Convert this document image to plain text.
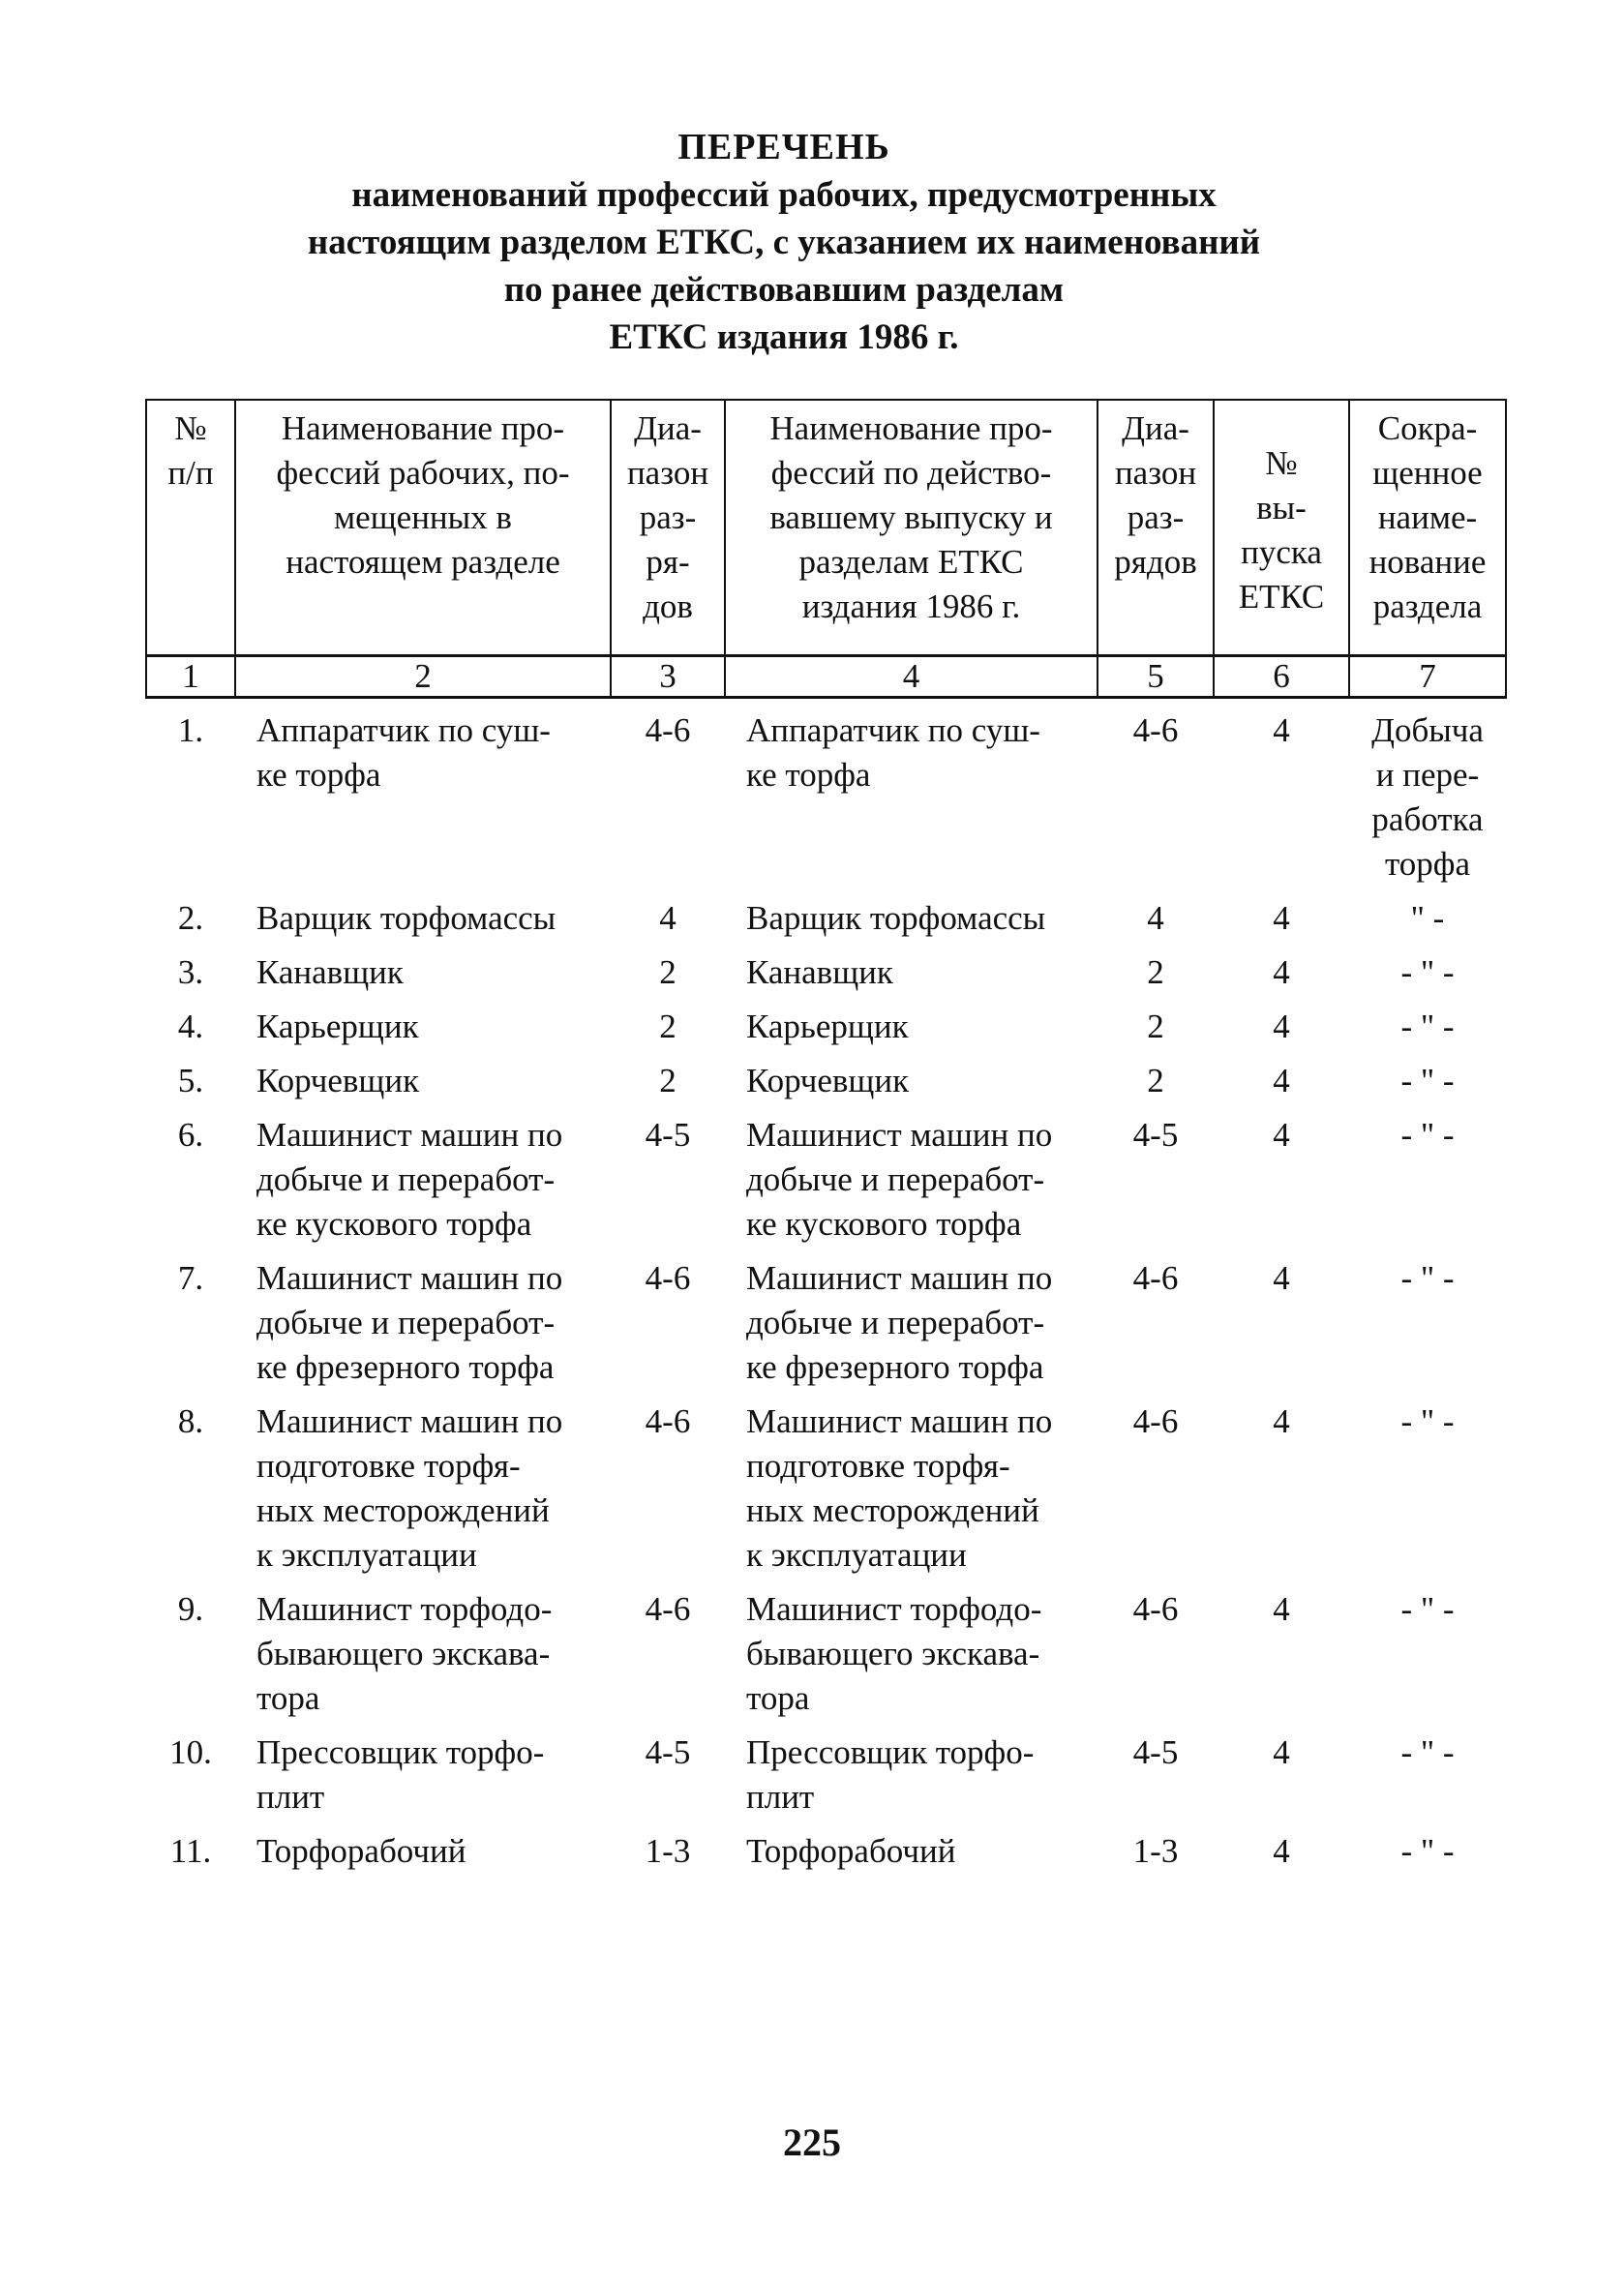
ПЕРЕЧЕНЬ
наименований профессий рабочих, предусмотренных
настоящим разделом ЕТКС, с указанием их наименований
по ранее действовавшим разделам
ЕТКС издания 1986 г.
№
п/п	Наименование про-
фессий рабочих, по-
мещенных в
настоящем разделе	Диа-
пазон
раз-
ря-
дов	Наименование про-
фессий по действо-
вавшему выпуску и
разделам ЕТКС
издания 1986 г.	Диа-
пазон
раз-
рядов	№
вы-
пуска
ЕТКС	Сокра-
щенное
наиме-
нование
раздела
1	2	3	4	5	6	7
1.	Аппаратчик по суш-
ке торфа	4-6	Аппаратчик по суш-
ке торфа	4-6	4	Добыча
и пере-
работка
торфа
2.	Варщик торфомассы	4	Варщик торфомассы	4	4	" -
3.	Канавщик	2	Канавщик	2	4	- " -
4.	Карьерщик	2	Карьерщик	2	4	- " -
5.	Корчевщик	2	Корчевщик	2	4	- " -
6.	Машинист машин по
добыче и переработ-
ке кускового торфа	4-5	Машинист машин по
добыче и переработ-
ке кускового торфа	4-5	4	- " -
7.	Машинист машин по
добыче и переработ-
ке фрезерного торфа	4-6	Машинист машин по
добыче и переработ-
ке фрезерного торфа	4-6	4	- " -
8.	Машинист машин по
подготовке торфя-
ных месторождений
к эксплуатации	4-6	Машинист машин по
подготовке торфя-
ных месторождений
к эксплуатации	4-6	4	- " -
9.	Машинист торфодо-
бывающего экскава-
тора	4-6	Машинист торфодо-
бывающего экскава-
тора	4-6	4	- " -
10.	Прессовщик торфо-
плит	4-5	Прессовщик торфо-
плит	4-5	4	- " -
11.	Торфорабочий	1-3	Торфорабочий	1-3	4	- " -
225
